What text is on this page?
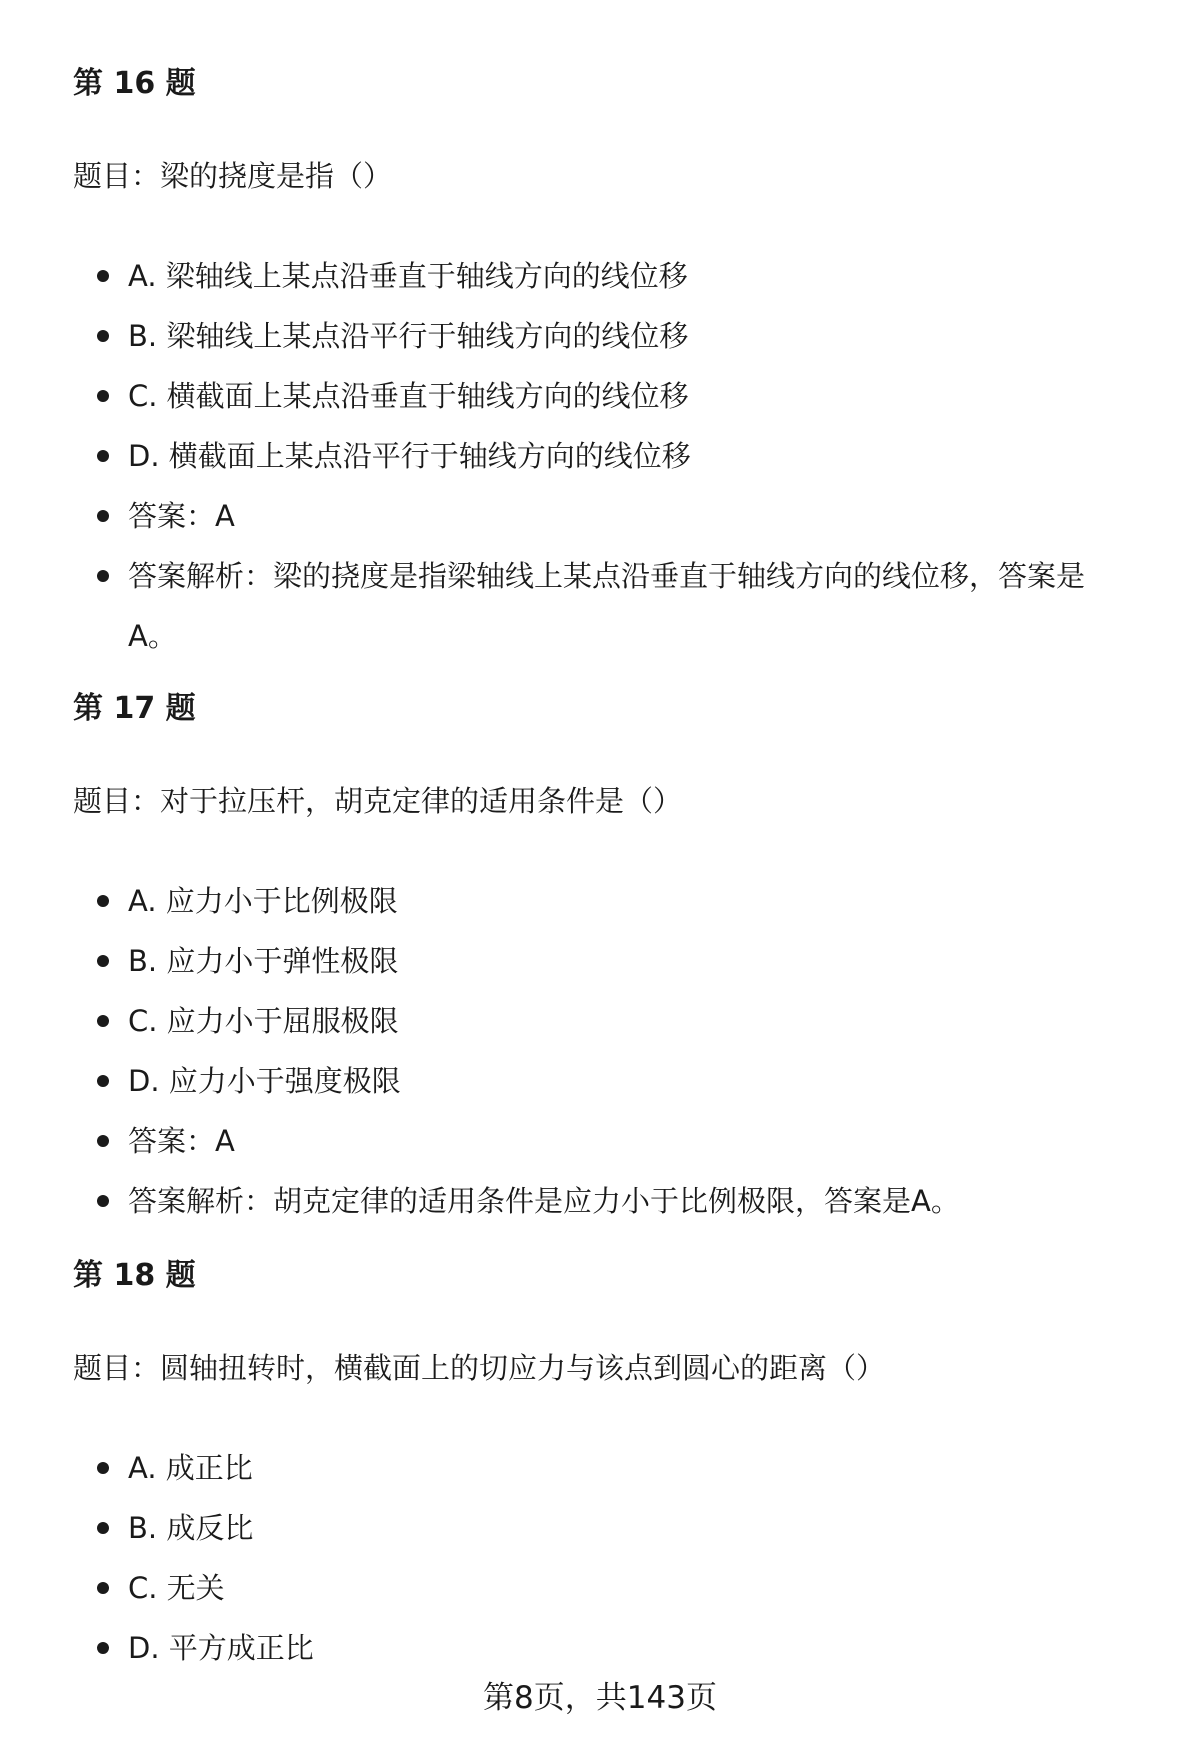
第 16 题

题目：梁的挠度是指（）

A. 梁轴线上某点沿垂直于轴线方向的线位移
B. 梁轴线上某点沿平行于轴线方向的线位移
C. 横截面上某点沿垂直于轴线方向的线位移
D. 横截面上某点沿平行于轴线方向的线位移
答案：A
答案解析：梁的挠度是指梁轴线上某点沿垂直于轴线方向的线位移，答案是A。
第 17 题

题目：对于拉压杆，胡克定律的适用条件是（）

A. 应力小于比例极限
B. 应力小于弹性极限
C. 应力小于屈服极限
D. 应力小于强度极限
答案：A
答案解析：胡克定律的适用条件是应力小于比例极限，答案是A。
第 18 题

题目：圆轴扭转时，横截面上的切应力与该点到圆心的距离（）

A. 成正比
B. 成反比
C. 无关
D. 平方成正比
第8页，共143页
